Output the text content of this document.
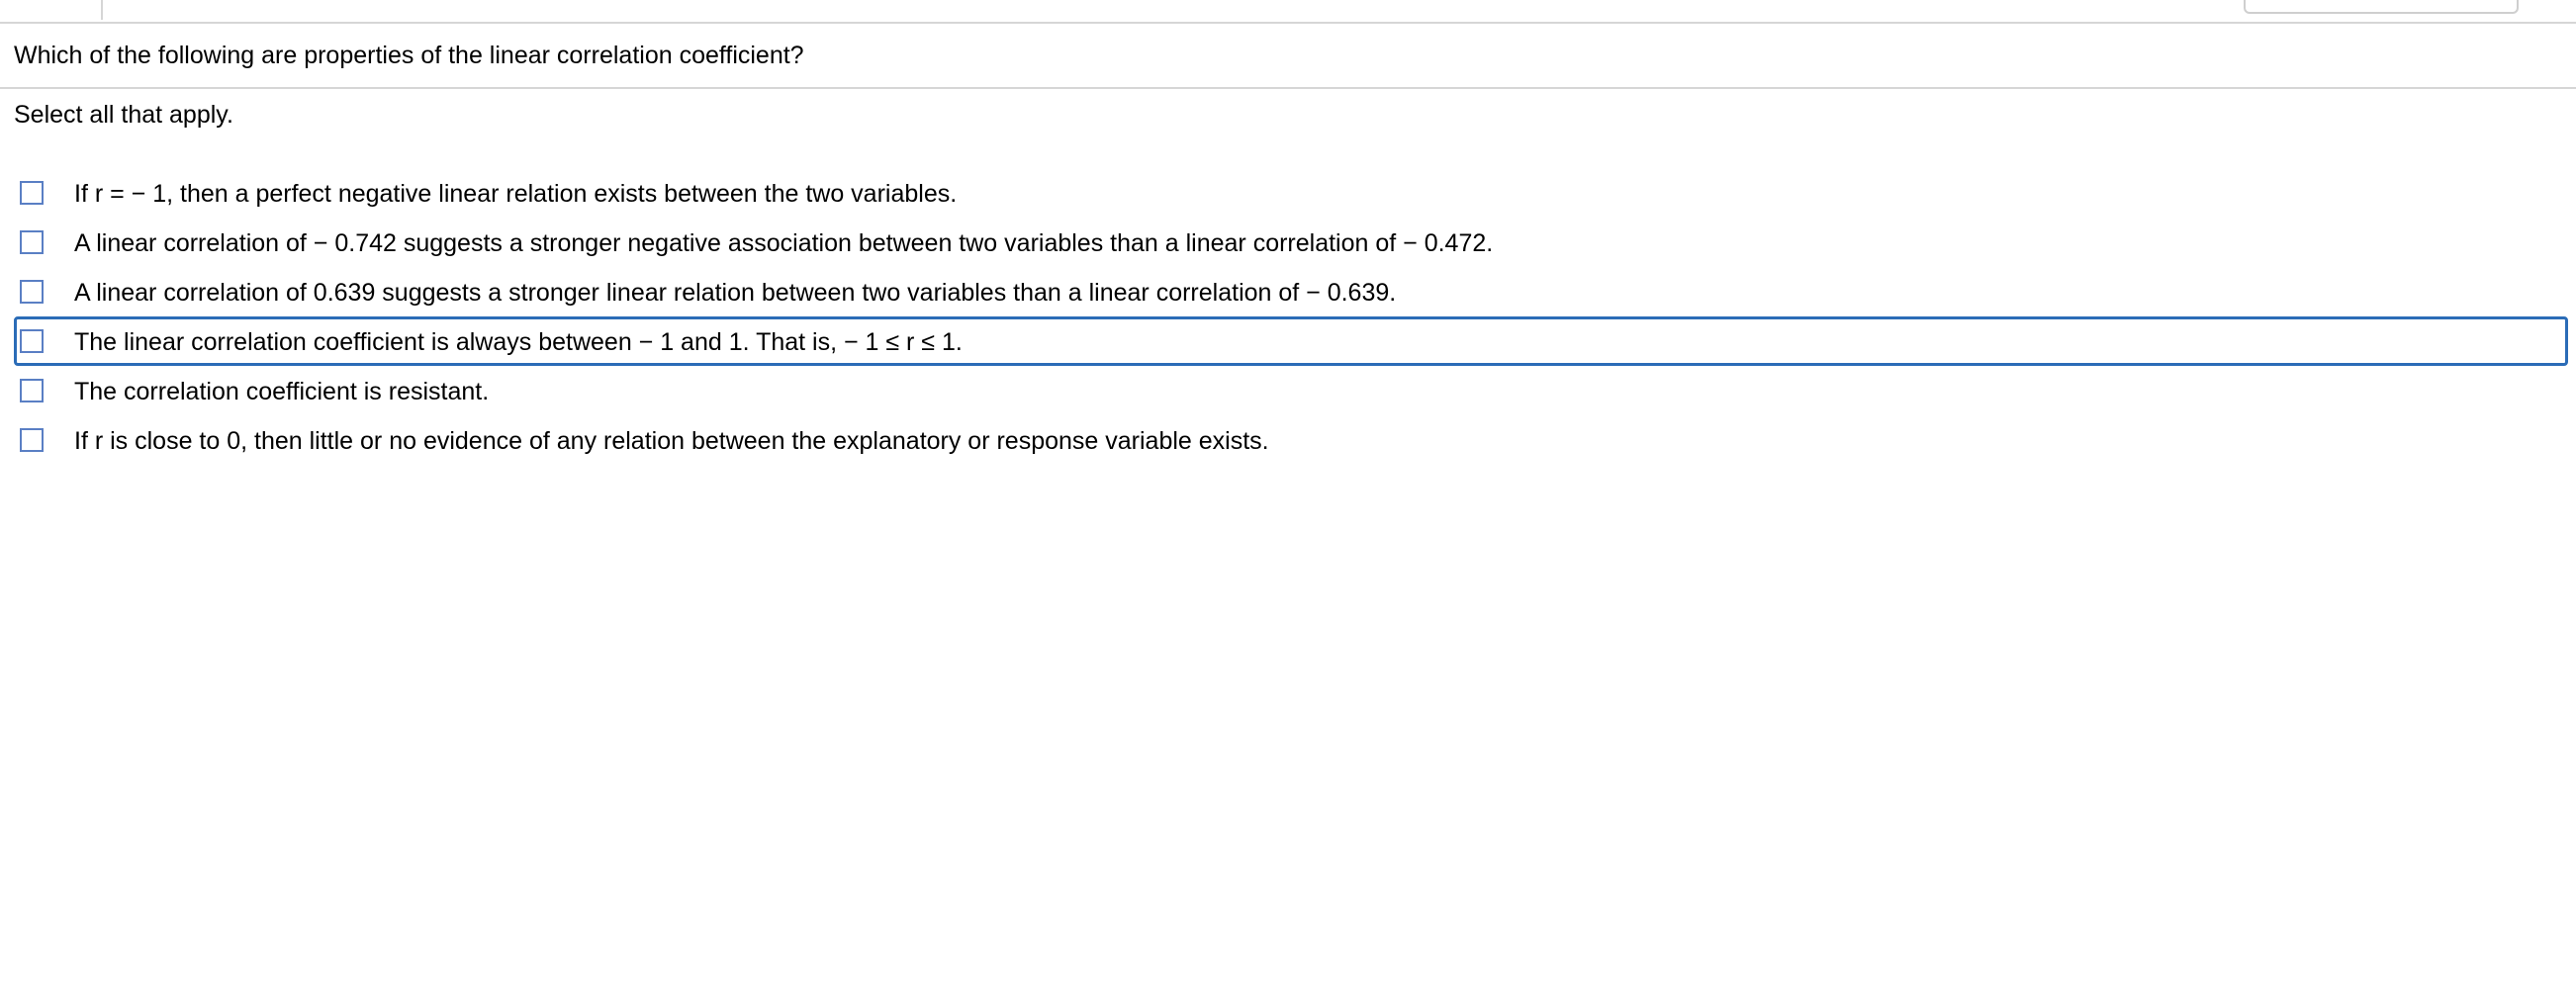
Which of the following are properties of the linear correlation coefficient?
Select all that apply.
If r = − 1, then a perfect negative linear relation exists between the two variables.
A linear correlation of − 0.742 suggests a stronger negative association between two variables than a linear correlation of − 0.472.
A linear correlation of 0.639 suggests a stronger linear relation between two variables than a linear correlation of − 0.639.
The linear correlation coefficient is always between − 1 and 1. That is, − 1 ≤ r ≤ 1.
The correlation coefficient is resistant.
If r is close to 0, then little or no evidence of any relation between the explanatory or response variable exists.
